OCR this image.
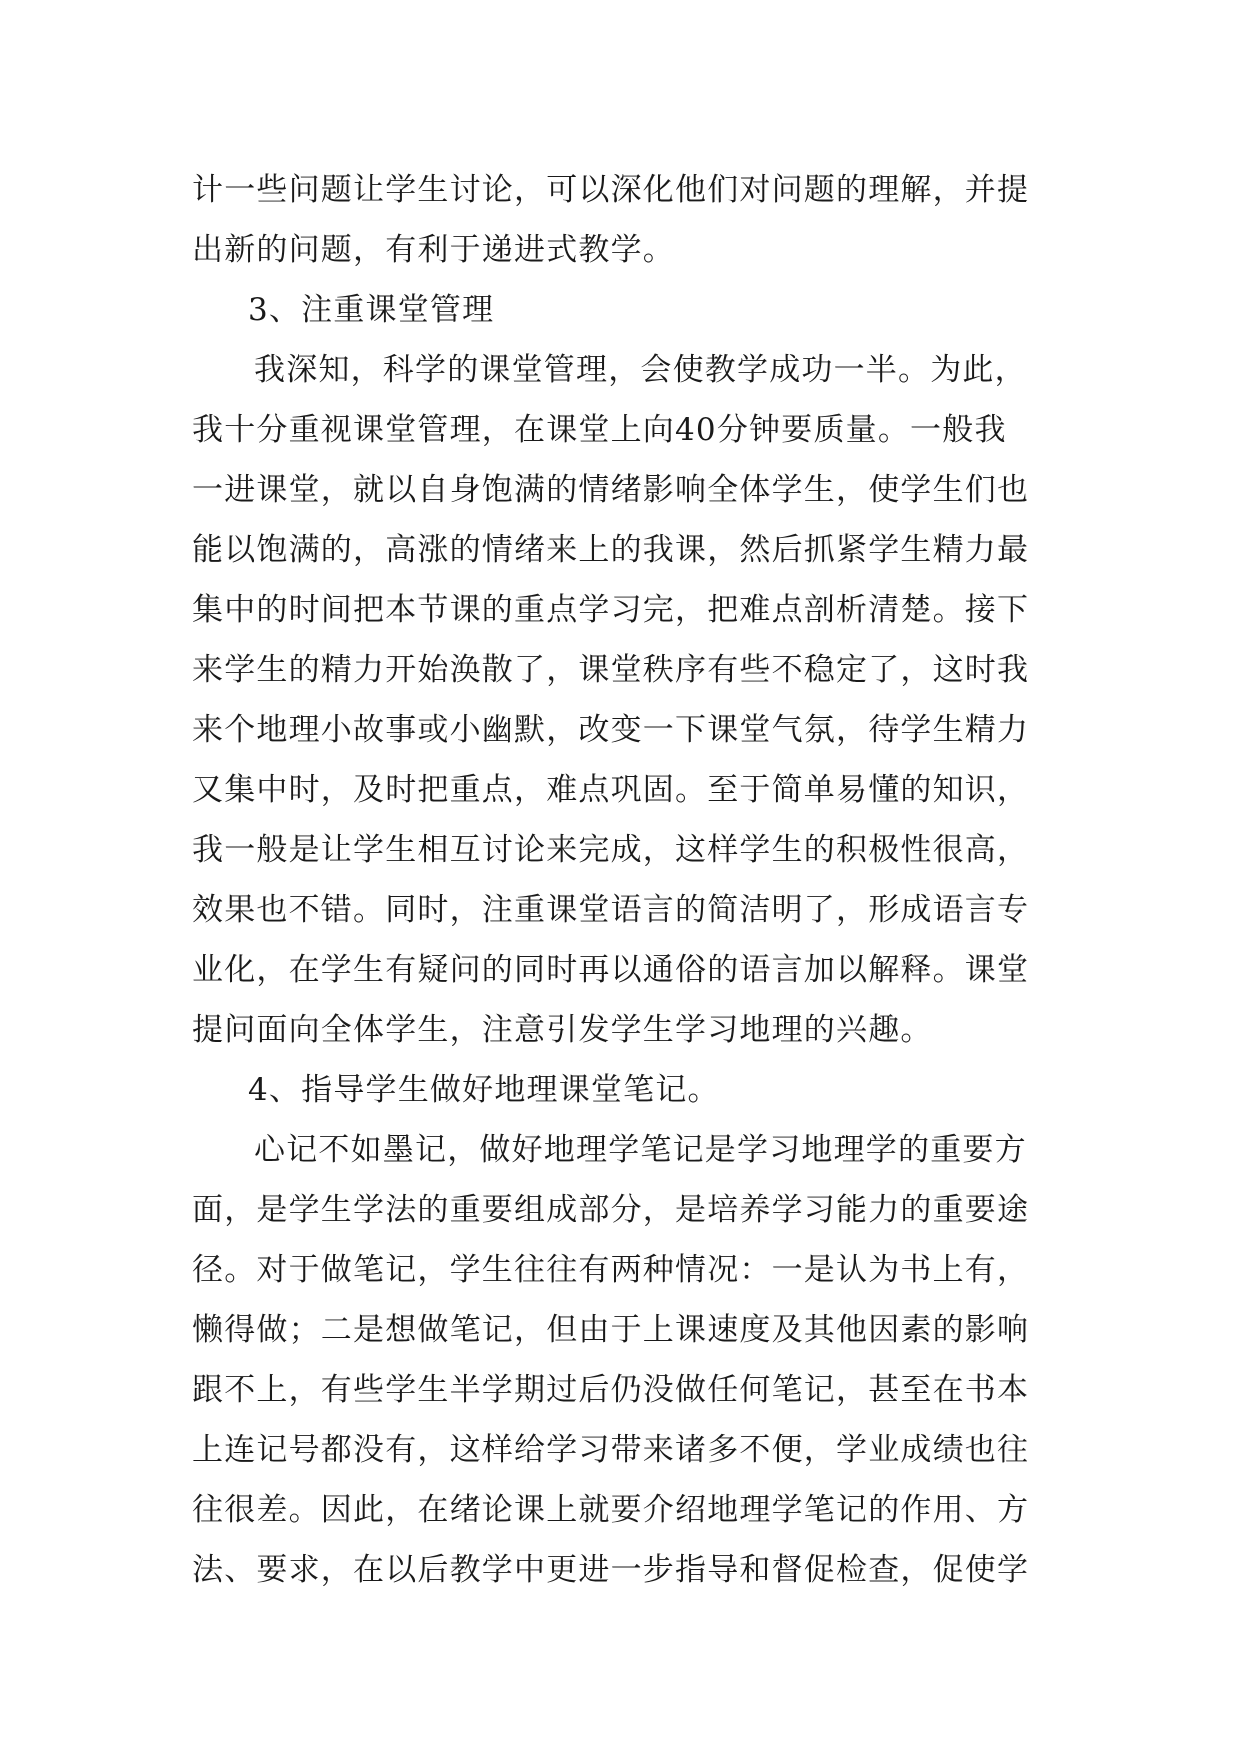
计一些问题让学生讨论，可以深化他们对问题的理解，并提
出新的问题，有利于递进式教学。
3、注重课堂管理
我深知，科学的课堂管理，会使教学成功一半。为此，
我十分重视课堂管理，在课堂上向40分钟要质量。一般我
一进课堂，就以自身饱满的情绪影响全体学生，使学生们也
能以饱满的，高涨的情绪来上的我课，然后抓紧学生精力最
集中的时间把本节课的重点学习完，把难点剖析清楚。接下
来学生的精力开始涣散了，课堂秩序有些不稳定了，这时我
来个地理小故事或小幽默，改变一下课堂气氛，待学生精力
又集中时，及时把重点，难点巩固。至于简单易懂的知识，
我一般是让学生相互讨论来完成，这样学生的积极性很高，
效果也不错。同时，注重课堂语言的简洁明了，形成语言专
业化，在学生有疑问的同时再以通俗的语言加以解释。课堂
提问面向全体学生，注意引发学生学习地理的兴趣。
4、指导学生做好地理课堂笔记。
心记不如墨记，做好地理学笔记是学习地理学的重要方
面，是学生学法的重要组成部分，是培养学习能力的重要途
径。对于做笔记，学生往往有两种情况：一是认为书上有，
懒得做；二是想做笔记，但由于上课速度及其他因素的影响
跟不上，有些学生半学期过后仍没做任何笔记，甚至在书本
上连记号都没有，这样给学习带来诸多不便，学业成绩也往
往很差。因此，在绪论课上就要介绍地理学笔记的作用、方
法、要求，在以后教学中更进一步指导和督促检查，促使学
